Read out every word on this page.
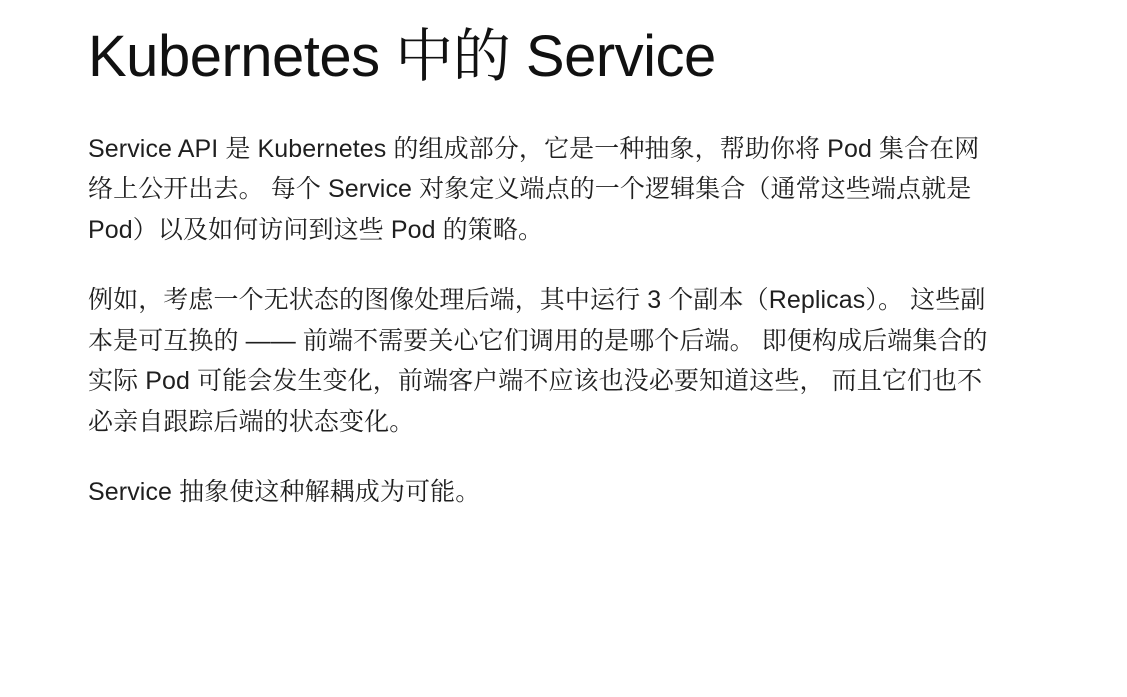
Kubernetes 中的 Service

Service API 是 Kubernetes 的组成部分，它是一种抽象，帮助你将 Pod 集合在网络上公开出去。 每个 Service 对象定义端点的一个逻辑集合（通常这些端点就是 Pod）以及如何访问到这些 Pod 的策略。

例如，考虑一个无状态的图像处理后端，其中运行 3 个副本（Replicas）。 这些副本是可互换的 —— 前端不需要关心它们调用的是哪个后端。 即便构成后端集合的实际 Pod 可能会发生变化，前端客户端不应该也没必要知道这些， 而且它们也不必亲自跟踪后端的状态变化。

Service 抽象使这种解耦成为可能。
